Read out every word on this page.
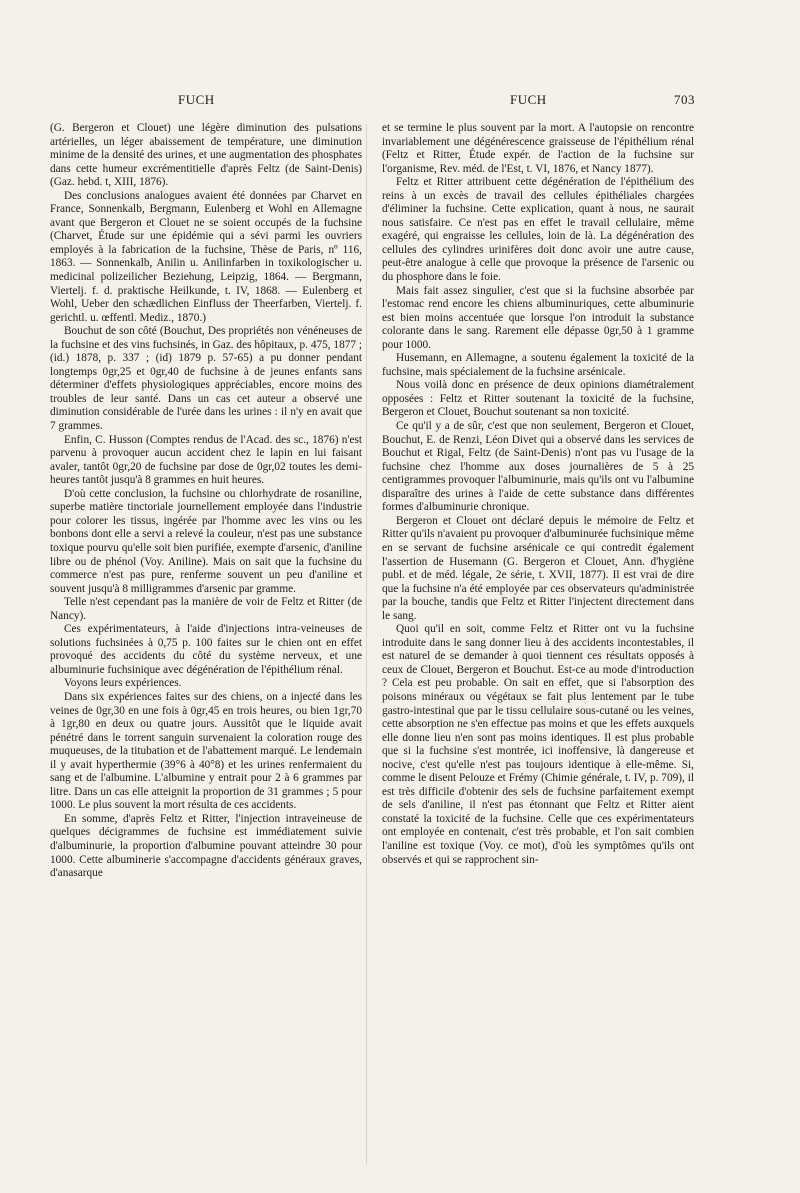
FUCH	FUCH	703

(G. Bergeron et Clouet) une légère diminution des pulsations artérielles, un léger abaissement de température, une diminution minime de la densité des urines, et une augmentation des phosphates dans cette humeur excrémentitielle d'après Feltz (de Saint-Denis) (Gaz. hebd. t, XIII, 1876).

Des conclusions analogues avaient été données par Charvet en France, Sonnenkalb, Bergmann, Eulenberg et Wohl en Allemagne avant que Bergeron et Clouet ne se soient occupés de la fuchsine (Charvet, Étude sur une épidémie qui a sévi parmi les ouvriers employés à la fabrication de la fuchsine, Thèse de Paris, nº 116, 1863. — Sonnenkalb, Anilin u. Anilinfarben in toxikologischer u. medicinal polizeilicher Beziehung, Leipzig, 1864. — Bergmann, Viertelj. f. d. praktische Heilkunde, t. IV, 1868. — Eulenberg et Wohl, Ueber den schædlichen Einfluss der Theerfarben, Viertelj. f. gerichtl. u. œffentl. Mediz., 1870.)

Bouchut de son côté (Bouchut, Des propriétés non vénéneuses de la fuchsine et des vins fuchsinés, in Gaz. des hôpitaux, p. 475, 1877 ; (id.) 1878, p. 337 ; (id) 1879 p. 57-65) a pu donner pendant longtemps 0gr,25 et 0gr,40 de fuchsine à de jeunes enfants sans déterminer d'effets physiologiques appréciables, encore moins des troubles de leur santé. Dans un cas cet auteur a observé une diminution considérable de l'urée dans les urines : il n'y en avait que 7 grammes.

Enfin, C. Husson (Comptes rendus de l'Acad. des sc., 1876) n'est parvenu à provoquer aucun accident chez le lapin en lui faisant avaler, tantôt 0gr,20 de fuchsine par dose de 0gr,02 toutes les demi-heures tantôt jusqu'à 8 grammes en huit heures.

D'où cette conclusion, la fuchsine ou chlorhydrate de rosaniline, superbe matière tinctoriale journellement employée dans l'industrie pour colorer les tissus, ingérée par l'homme avec les vins ou les bonbons dont elle a servi a relevé la couleur, n'est pas une substance toxique pourvu qu'elle soit bien purifiée, exempte d'arsenic, d'aniline libre ou de phénol (Voy. Aniline). Mais on sait que la fuchsine du commerce n'est pas pure, renferme souvent un peu d'aniline et souvent jusqu'à 8 milligrammes d'arsenic par gramme.

Telle n'est cependant pas la manière de voir de Feltz et Ritter (de Nancy).

Ces expérimentateurs, à l'aide d'injections intra-veineuses de solutions fuchsinées à 0,75 p. 100 faites sur le chien ont en effet provoqué des accidents du côté du système nerveux, et une albuminurie fuchsinique avec dégénération de l'épithélium rénal.

Voyons leurs expériences.

Dans six expériences faites sur des chiens, on a injecté dans les veines de 0gr,30 en une fois à 0gr,45 en trois heures, ou bien 1gr,70 à 1gr,80 en deux ou quatre jours. Aussitôt que le liquide avait pénétré dans le torrent sanguin survenaient la coloration rouge des muqueuses, de la titubation et de l'abattement marqué. Le lendemain il y avait hyperthermie (39°6 à 40°8) et les urines renfermaient du sang et de l'albumine. L'albumine y entrait pour 2 à 6 grammes par litre. Dans un cas elle atteignit la proportion de 31 grammes ; 5 pour 1000. Le plus souvent la mort résulta de ces accidents.

En somme, d'après Feltz et Ritter, l'injection intraveineuse de quelques décigrammes de fuchsine est immédiatement suivie d'albuminurie, la proportion d'albumine pouvant atteindre 30 pour 1000. Cette albuminerie s'accompagne d'accidents généraux graves, d'anasarque

et se termine le plus souvent par la mort. A l'autopsie on rencontre invariablement une dégénérescence graisseuse de l'épithélium rénal (Feltz et Ritter, Étude expér. de l'action de la fuchsine sur l'organisme, Rev. méd. de l'Est, t. VI, 1876, et Nancy 1877).

Feltz et Ritter attribuent cette dégénération de l'épithélium des reins à un excès de travail des cellules épithéliales chargées d'éliminer la fuchsine. Cette explication, quant à nous, ne saurait nous satisfaire. Ce n'est pas en effet le travail cellulaire, même exagéré, qui engraisse les cellules, loin de là. La dégénération des cellules des cylindres urinifères doit donc avoir une autre cause, peut-être analogue à celle que provoque la présence de l'arsenic ou du phosphore dans le foie.

Mais fait assez singulier, c'est que si la fuchsine absorbée par l'estomac rend encore les chiens albuminuriques, cette albuminurie est bien moins accentuée que lorsque l'on introduit la substance colorante dans le sang. Rarement elle dépasse 0gr,50 à 1 gramme pour 1000.

Husemann, en Allemagne, a soutenu également la toxicité de la fuchsine, mais spécialement de la fuchsine arsénicale.

Nous voilà donc en présence de deux opinions diamétralement opposées : Feltz et Ritter soutenant la toxicité de la fuchsine, Bergeron et Clouet, Bouchut soutenant sa non toxicité.

Ce qu'il y a de sûr, c'est que non seulement, Bergeron et Clouet, Bouchut, E. de Renzi, Léon Divet qui a observé dans les services de Bouchut et Rigal, Feltz (de Saint-Denis) n'ont pas vu l'usage de la fuchsine chez l'homme aux doses journalières de 5 à 25 centigrammes provoquer l'albuminurie, mais qu'ils ont vu l'albumine disparaître des urines à l'aide de cette substance dans différentes formes d'albuminurie chronique.

Bergeron et Clouet ont déclaré depuis le mémoire de Feltz et Ritter qu'ils n'avaient pu provoquer d'albuminurée fuchsinique même en se servant de fuchsine arsénicale ce qui contredit également l'assertion de Husemann (G. Bergeron et Clouet, Ann. d'hygiène publ. et de méd. légale, 2e série, t. XVII, 1877). Il est vrai de dire que la fuchsine n'a été employée par ces observateurs qu'administrée par la bouche, tandis que Feltz et Ritter l'injectent directement dans le sang.

Quoi qu'il en soit, comme Feltz et Ritter ont vu la fuchsine introduite dans le sang donner lieu à des accidents incontestables, il est naturel de se demander à quoi tiennent ces résultats opposés à ceux de Clouet, Bergeron et Bouchut. Est-ce au mode d'introduction ? Cela est peu probable. On sait en effet, que si l'absorption des poisons minéraux ou végétaux se fait plus lentement par le tube gastro-intestinal que par le tissu cellulaire sous-cutané ou les veines, cette absorption ne s'en effectue pas moins et que les effets auxquels elle donne lieu n'en sont pas moins identiques. Il est plus probable que si la fuchsine s'est montrée, ici inoffensive, là dangereuse et nocive, c'est qu'elle n'est pas toujours identique à elle-même. Si, comme le disent Pelouze et Frémy (Chimie générale, t. IV, p. 709), il est très difficile d'obtenir des sels de fuchsine parfaitement exempt de sels d'aniline, il n'est pas étonnant que Feltz et Ritter aient constaté la toxicité de la fuchsine. Celle que ces expérimentateurs ont employée en contenait, c'est très probable, et l'on sait combien l'aniline est toxique (Voy. ce mot), d'où les symptômes qu'ils ont observés et qui se rapprochent sin-
